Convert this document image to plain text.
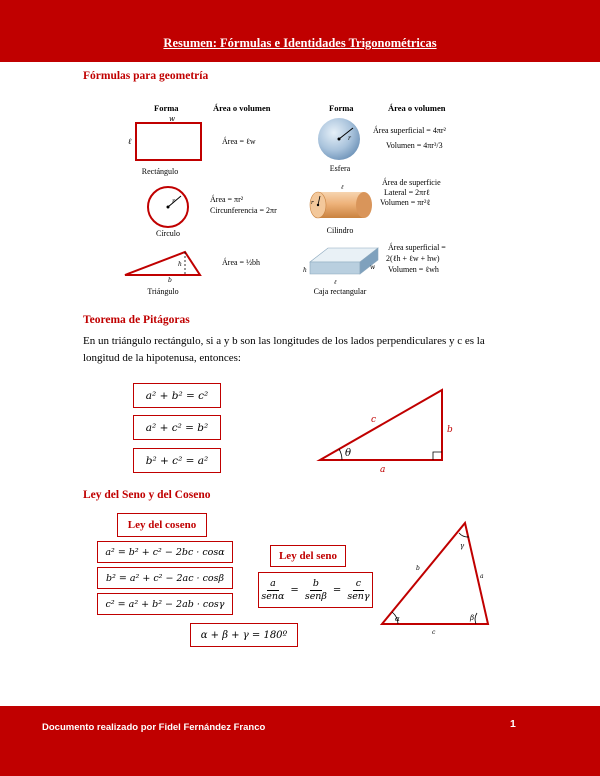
Resumen: Fórmulas e Identidades Trigonométricas
Fórmulas para geometría
Forma	Área o volumen	Forma	Área o volumen
w
ℓ
Rectángulo
Área = ℓw
r
Círculo
Área = πr²
Circunferencia = 2πr
h
b
Triángulo
Área = ½bh
r
Esfera
Área superficial = 4πr²
Volumen = 4πr³/3
ℓ
r
Cilindro
Área de superficie
Lateral = 2πrℓ
Volumen = πr²ℓ
h	w
ℓ
Caja rectangular
Área superficial =
2(ℓh + ℓw + hw)
Volumen = ℓwh
Teorema de Pitágoras
En un triángulo rectángulo, si a y b son las longitudes de los lados perpendiculares y c es la longitud de la hipotenusa, entonces:
a² + b² = c²
a² + c² = b²
b² + c² = a²
θ
c
b
a
Ley del Seno y del Coseno
Ley del coseno
a² = b² + c² − 2bc · cosα
b² = a² + c² − 2ac · cosβ
c² = a² + b² − 2ab · cosγ
Ley del seno
$\frac{a}{\text{senα}} = \frac{b}{\text{senβ}} = \frac{c}{\text{senγ}}$
α + β + γ = 180º
α
γ
β
b
a
c
Documento realizado por Fidel Fernández Franco	1
